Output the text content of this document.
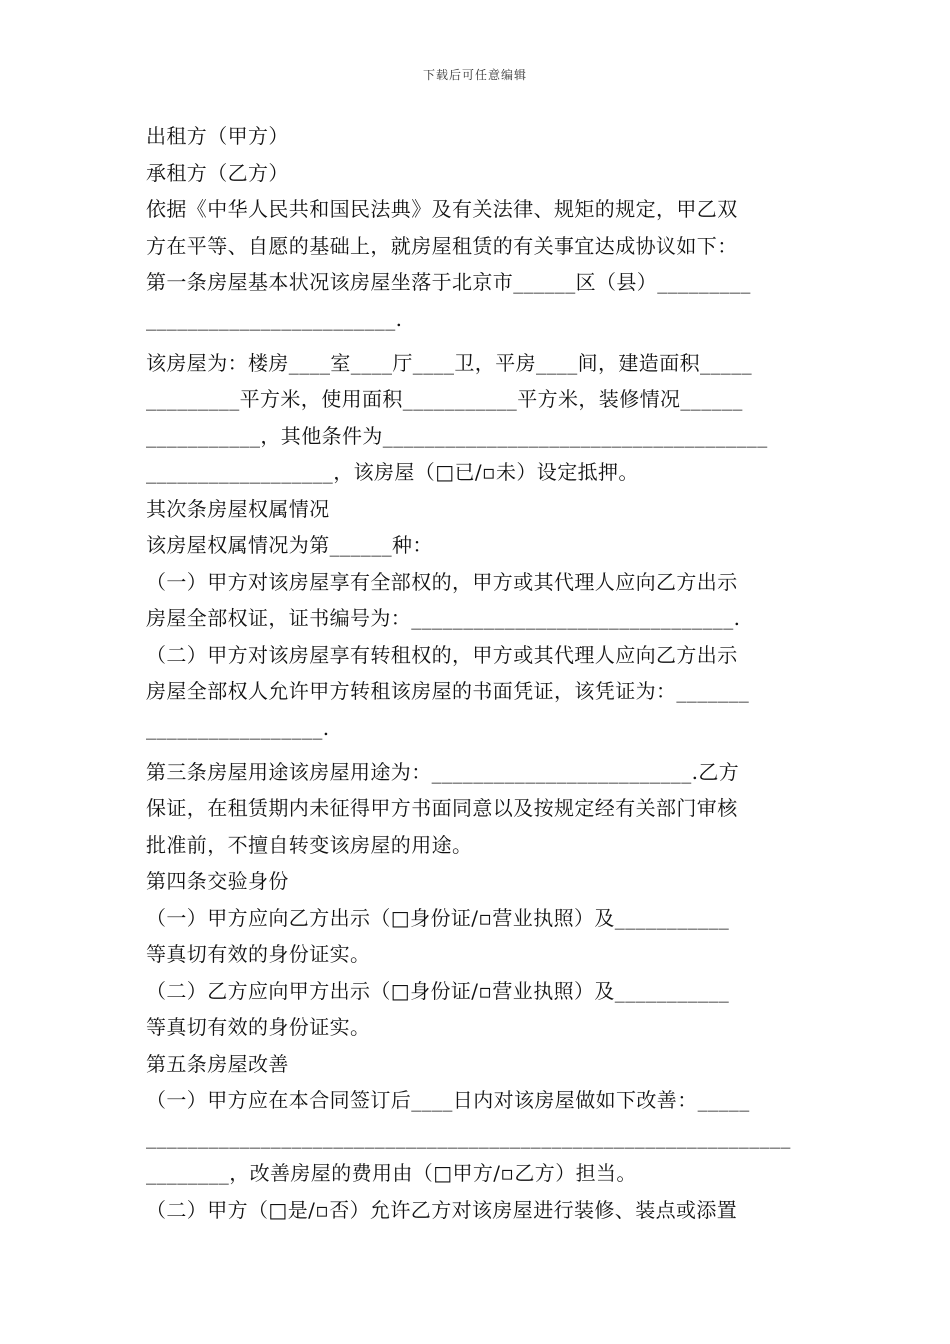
下载后可任意编辑
出租方（甲方）
承租方（乙方）
依据《中华人民共和国民法典》及有关法律、规矩的规定，甲乙双
方在平等、自愿的基础上，就房屋租赁的有关事宜达成协议如下：
第一条房屋基本状况该房屋坐落于北京市______区（县）_________
________________________.
该房屋为：楼房____室____厅____卫，平房____间，建造面积_____
_________平方米，使用面积___________平方米，装修情况______
___________，其他条件为_____________________________________
__________________，该房屋（□已/▫未）设定抵押。
其次条房屋权属情况
该房屋权属情况为第______种：
（一）甲方对该房屋享有全部权的，甲方或其代理人应向乙方出示
房屋全部权证，证书编号为：_______________________________.
（二）甲方对该房屋享有转租权的，甲方或其代理人应向乙方出示
房屋全部权人允许甲方转租该房屋的书面凭证，该凭证为：_______
_________________.
第三条房屋用途该房屋用途为：_________________________.乙方
保证，在租赁期内未征得甲方书面同意以及按规定经有关部门审核
批准前，不擅自转变该房屋的用途。
第四条交验身份
（一）甲方应向乙方出示（□身份证/▫营业执照）及___________
等真切有效的身份证实。
（二）乙方应向甲方出示（□身份证/▫营业执照）及___________
等真切有效的身份证实。
第五条房屋改善
（一）甲方应在本合同签订后____日内对该房屋做如下改善：_____
______________________________________________________________
________，改善房屋的费用由（□甲方/▫乙方）担当。
（二）甲方（□是/▫否）允许乙方对该房屋进行装修、装点或添置
